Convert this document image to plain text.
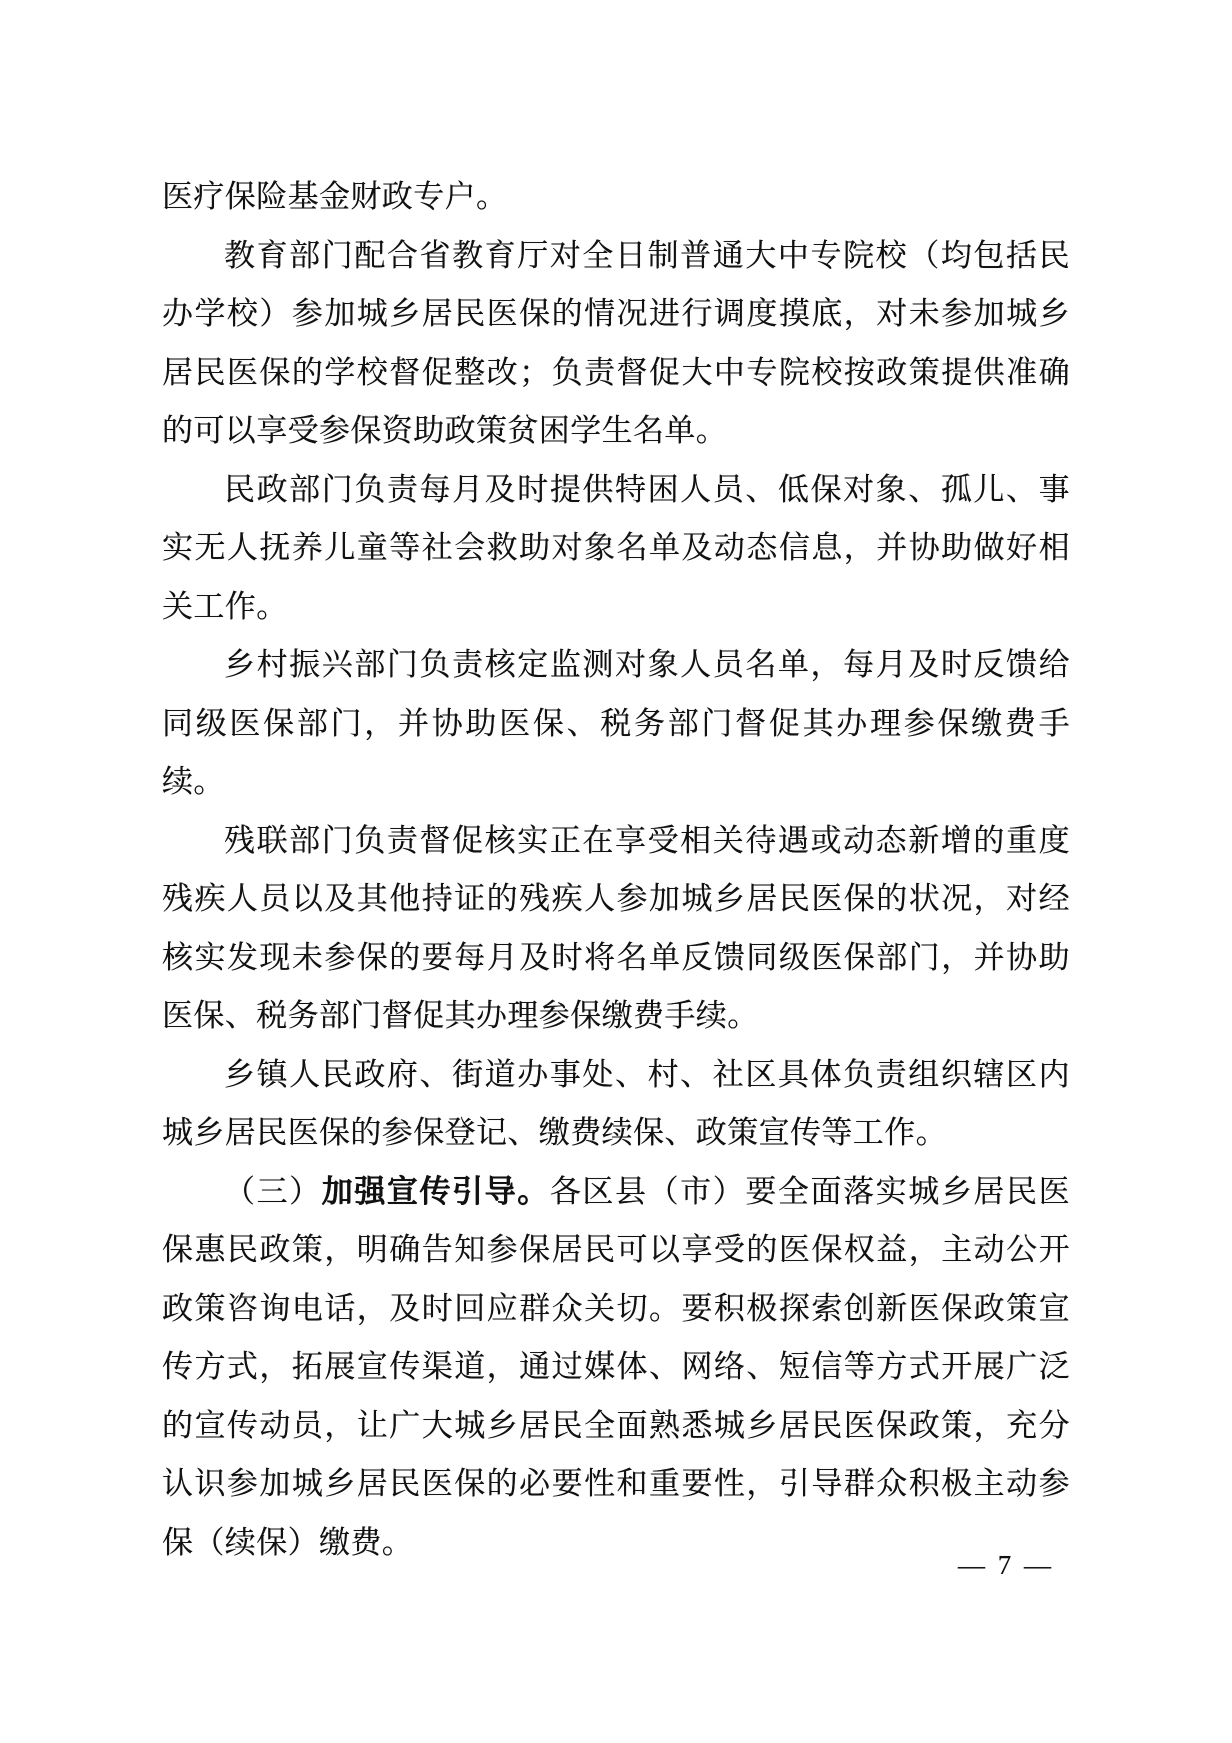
医疗保险基金财政专户。

教育部门配合省教育厅对全日制普通大中专院校（均包括民办学校）参加城乡居民医保的情况进行调度摸底，对未参加城乡居民医保的学校督促整改；负责督促大中专院校按政策提供准确的可以享受参保资助政策贫困学生名单。

民政部门负责每月及时提供特困人员、低保对象、孤儿、事实无人抚养儿童等社会救助对象名单及动态信息，并协助做好相关工作。

乡村振兴部门负责核定监测对象人员名单，每月及时反馈给同级医保部门，并协助医保、税务部门督促其办理参保缴费手续。

残联部门负责督促核实正在享受相关待遇或动态新增的重度残疾人员以及其他持证的残疾人参加城乡居民医保的状况，对经核实发现未参保的要每月及时将名单反馈同级医保部门，并协助医保、税务部门督促其办理参保缴费手续。

乡镇人民政府、街道办事处、村、社区具体负责组织辖区内城乡居民医保的参保登记、缴费续保、政策宣传等工作。

（三）加强宣传引导。各区县（市）要全面落实城乡居民医保惠民政策，明确告知参保居民可以享受的医保权益，主动公开政策咨询电话，及时回应群众关切。要积极探索创新医保政策宣传方式，拓展宣传渠道，通过媒体、网络、短信等方式开展广泛的宣传动员，让广大城乡居民全面熟悉城乡居民医保政策，充分认识参加城乡居民医保的必要性和重要性，引导群众积极主动参保（续保）缴费。

— 7 —
